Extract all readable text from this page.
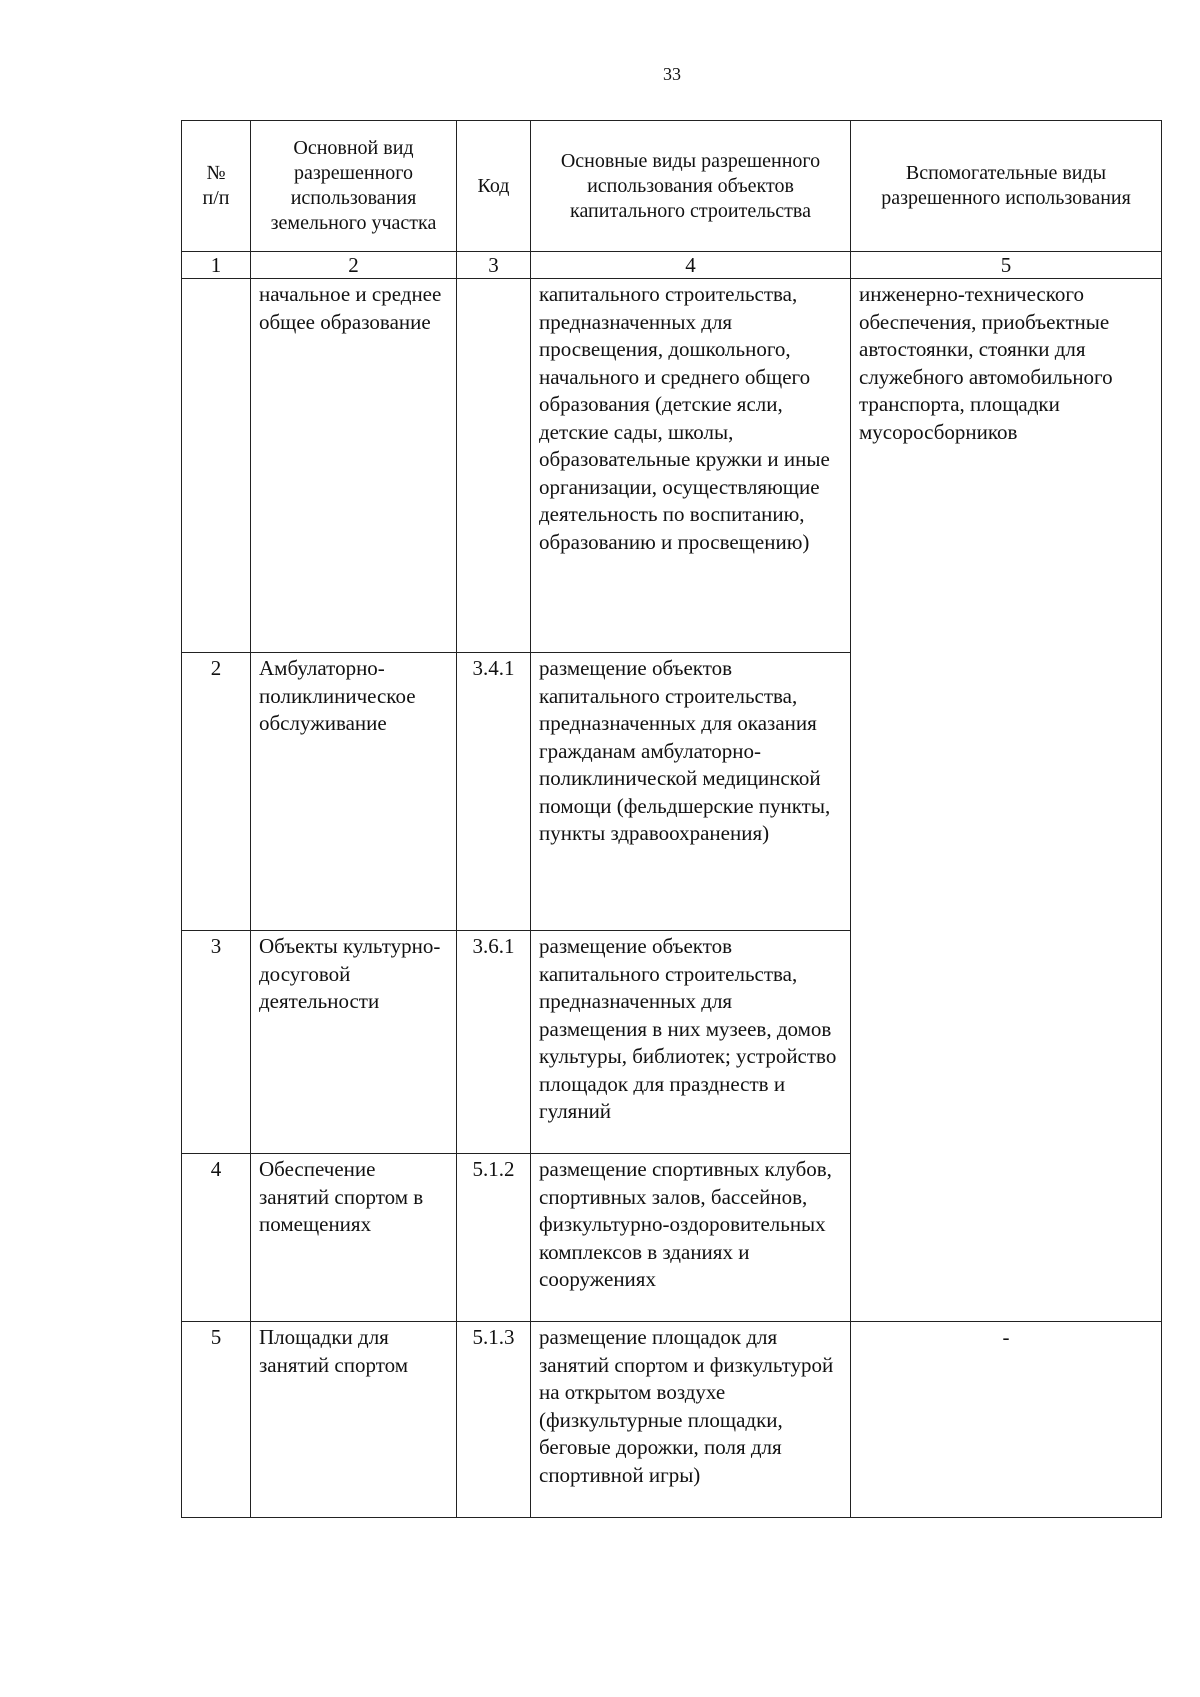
33
№
п/п	Основной вид разрешенного использования земельного участка	Код	Основные виды разрешенного использования объектов капитального строительства	Вспомогательные виды разрешенного использования
1	2	3	4	5
	начальное и среднее общее образование		капитального строительства, предназначенных для просвещения, дошкольного, начального и среднего общего образования (детские ясли, детские сады, школы, образовательные кружки и иные организации, осуществляющие деятельность по воспитанию, образованию и просвещению)	инженерно-технического обеспечения, приобъектные автостоянки, стоянки для служебного автомобильного транспорта, площадки мусоросборников
2	Амбулаторно-поликлиническое обслуживание	3.4.1	размещение объектов капитального строительства, предназначенных для оказания гражданам амбулаторно-поликлинической медицинской помощи (фельдшерские пункты, пункты здравоохранения)	
3	Объекты культурно-досуговой деятельности	3.6.1	размещение объектов капитального строительства, предназначенных для размещения в них музеев, домов культуры, библиотек; устройство площадок для празднеств и гуляний	
4	Обеспечение занятий спортом в помещениях	5.1.2	размещение спортивных клубов, спортивных залов, бассейнов, физкультурно-оздоровительных комплексов в зданиях и сооружениях	
5	Площадки для занятий спортом	5.1.3	размещение площадок для занятий спортом и физкультурой на открытом воздухе (физкультурные площадки, беговые дорожки, поля для спортивной игры)	-
